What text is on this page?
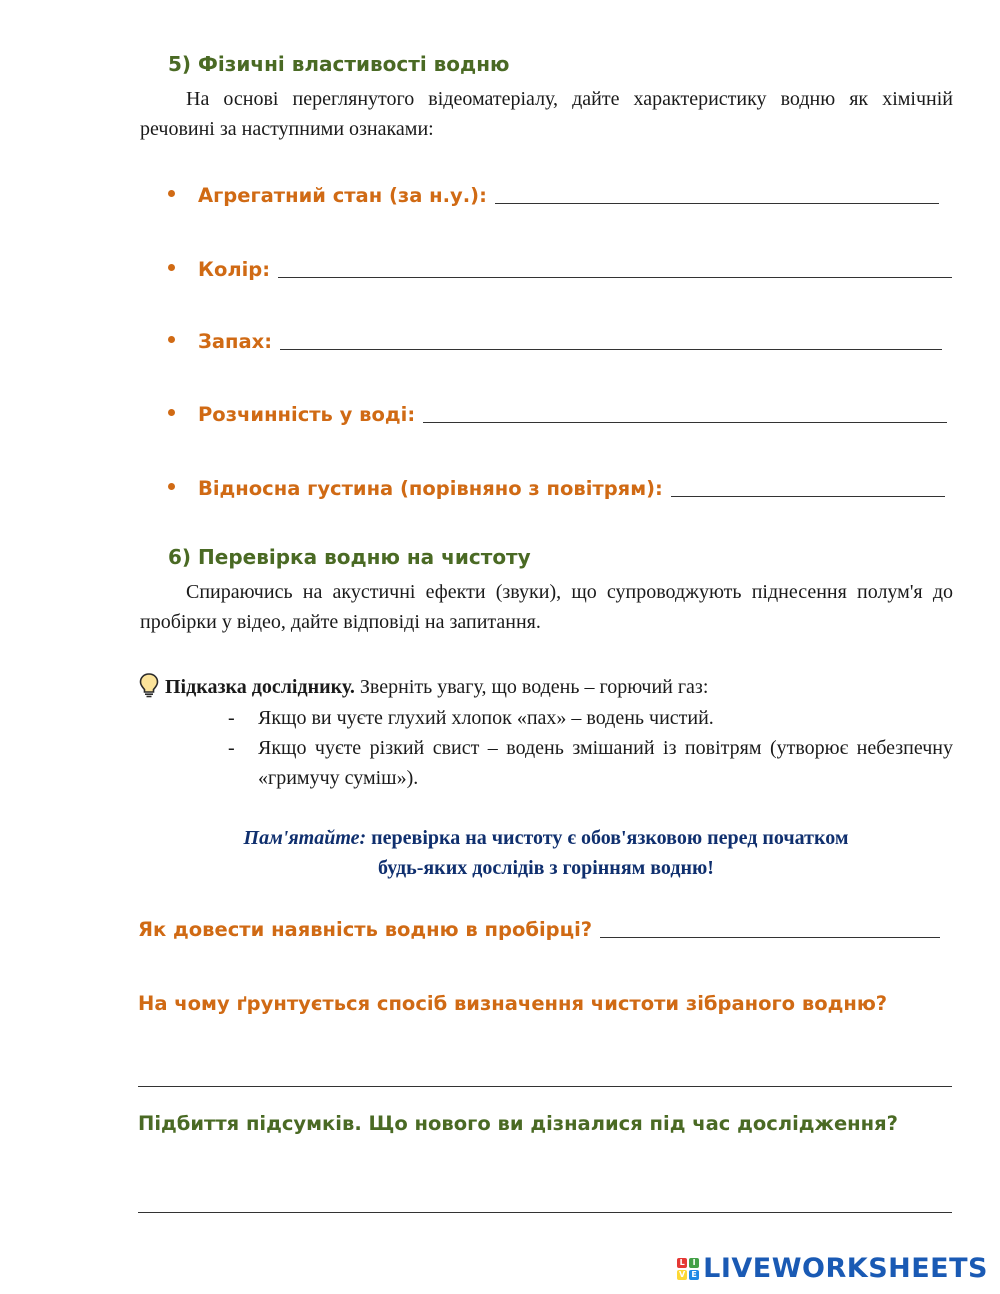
5) Фізичні властивості водню
На основі переглянутого відеоматеріалу, дайте характеристику водню як хімічній речовині за наступними ознаками:
Агрегатний стан (за н.у.):
Колір:
Запах:
Розчинність у воді:
Відносна густина (порівняно з повітрям):
6) Перевірка водню на чистоту
Спираючись на акустичні ефекти (звуки), що супроводжують піднесення полум'я до пробірки у відео, дайте відповіді на запитання.
Підказка досліднику. Зверніть увагу, що водень – горючий газ:
- Якщо ви чуєте глухий хлопок «пах» – водень чистий.
- Якщо чуєте різкий свист – водень змішаний із повітрям (утворює небезпечну «гримучу суміш»).
Пам'ятайте: перевірка на чистоту є обов'язковою перед початком
будь-яких дослідів з горінням водню!
Як довести наявність водню в пробірці?
На чому ґрунтується спосіб визначення чистоти зібраного водню?
Підбиття підсумків. Що нового ви дізналися під час дослідження?
L I
V E LIVEWORKSHEETS
